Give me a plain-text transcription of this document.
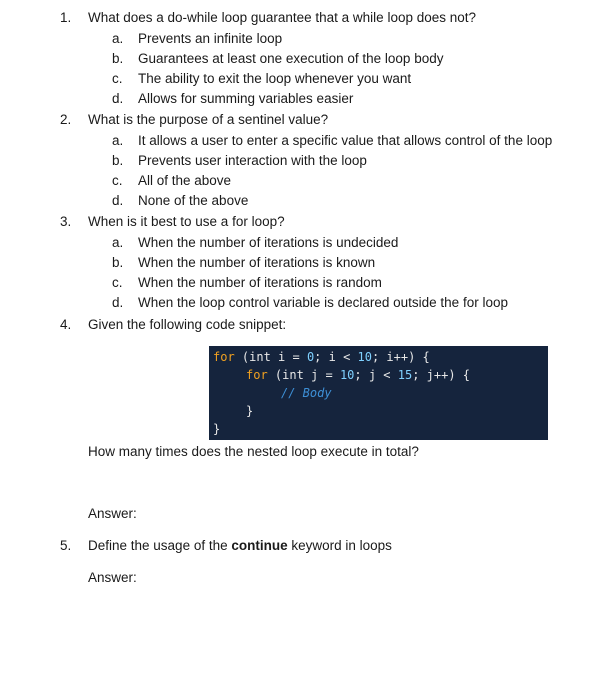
1. What does a do-while loop guarantee that a while loop does not?
a. Prevents an infinite loop
b. Guarantees at least one execution of the loop body
c. The ability to exit the loop whenever you want
d. Allows for summing variables easier
2. What is the purpose of a sentinel value?
a. It allows a user to enter a specific value that allows control of the loop
b. Prevents user interaction with the loop
c. All of the above
d. None of the above
3. When is it best to use a for loop?
a. When the number of iterations is undecided
b. When the number of iterations is known
c. When the number of iterations is random
d. When the loop control variable is declared outside the for loop
4. Given the following code snippet:
for (int i = 0; i < 10; i++) {
for (int j = 10; j < 15; j++) {
// Body
}
}
How many times does the nested loop execute in total?
Answer:
5. Define the usage of the continue keyword in loops
Answer:
